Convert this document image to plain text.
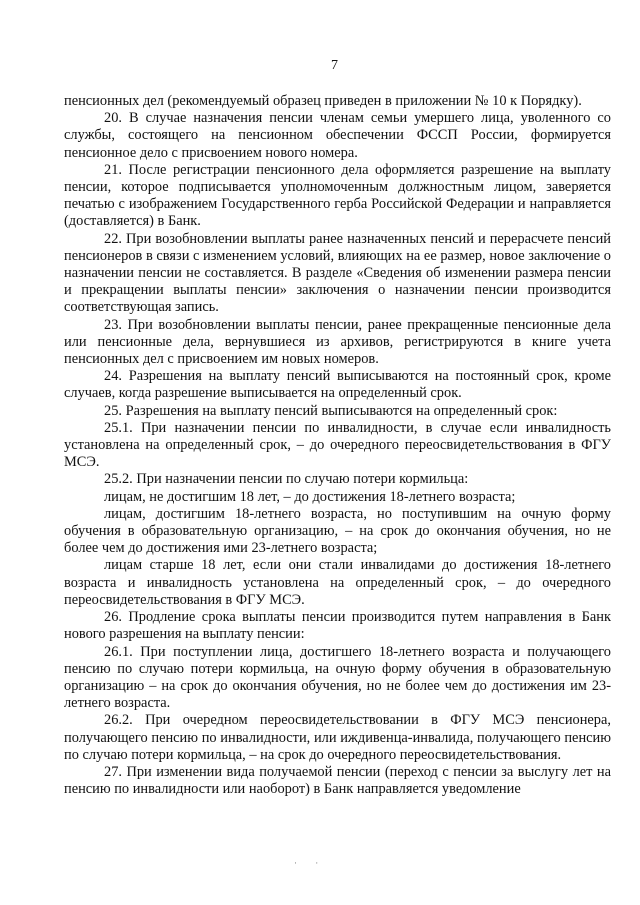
7

пенсионных дел (рекомендуемый образец приведен в приложении № 10 к Порядку).

20. В случае назначения пенсии членам семьи умершего лица, уволенного со службы, состоящего на пенсионном обеспечении ФССП России, формируется пенсионное дело с присвоением нового номера.

21. После регистрации пенсионного дела оформляется разрешение на выплату пенсии, которое подписывается уполномоченным должностным лицом, заверяется печатью с изображением Государственного герба Российской Федерации и направляется (доставляется) в Банк.

22. При возобновлении выплаты ранее назначенных пенсий и перерасчете пенсий пенсионеров в связи с изменением условий, влияющих на ее размер, новое заключение о назначении пенсии не составляется. В разделе «Сведения об изменении размера пенсии и прекращении выплаты пенсии» заключения о назначении пенсии производится соответствующая запись.

23. При возобновлении выплаты пенсии, ранее прекращенные пенсионные дела или пенсионные дела, вернувшиеся из архивов, регистрируются в книге учета пенсионных дел с присвоением им новых номеров.

24. Разрешения на выплату пенсий выписываются на постоянный срок, кроме случаев, когда разрешение выписывается на определенный срок.

25. Разрешения на выплату пенсий выписываются на определенный срок:

25.1. При назначении пенсии по инвалидности, в случае если инвалидность установлена на определенный срок, – до очередного переосвидетельствования в ФГУ МСЭ.

25.2. При назначении пенсии по случаю потери кормильца:

лицам, не достигшим 18 лет, – до достижения 18-летнего возраста;

лицам, достигшим 18-летнего возраста, но поступившим на очную форму обучения в образовательную организацию, – на срок до окончания обучения, но не более чем до достижения ими 23-летнего возраста;

лицам старше 18 лет, если они стали инвалидами до достижения 18-летнего возраста и инвалидность установлена на определенный срок, – до очередного переосвидетельствования в ФГУ МСЭ.

26. Продление срока выплаты пенсии производится путем направления в Банк нового разрешения на выплату пенсии:

26.1. При поступлении лица, достигшего 18-летнего возраста и получающего пенсию по случаю потери кормильца, на очную форму обучения в образовательную организацию – на срок до окончания обучения, но не более чем до достижения им 23-летнего возраста.

26.2. При очередном переосвидетельствовании в ФГУ МСЭ пенсионера, получающего пенсию по инвалидности, или иждивенца-инвалида, получающего пенсию по случаю потери кормильца, – на срок до очередного переосвидетельствования.

27. При изменении вида получаемой пенсии (переход с пенсии за выслугу лет на пенсию по инвалидности или наоборот) в Банк направляется уведомление

· ·
